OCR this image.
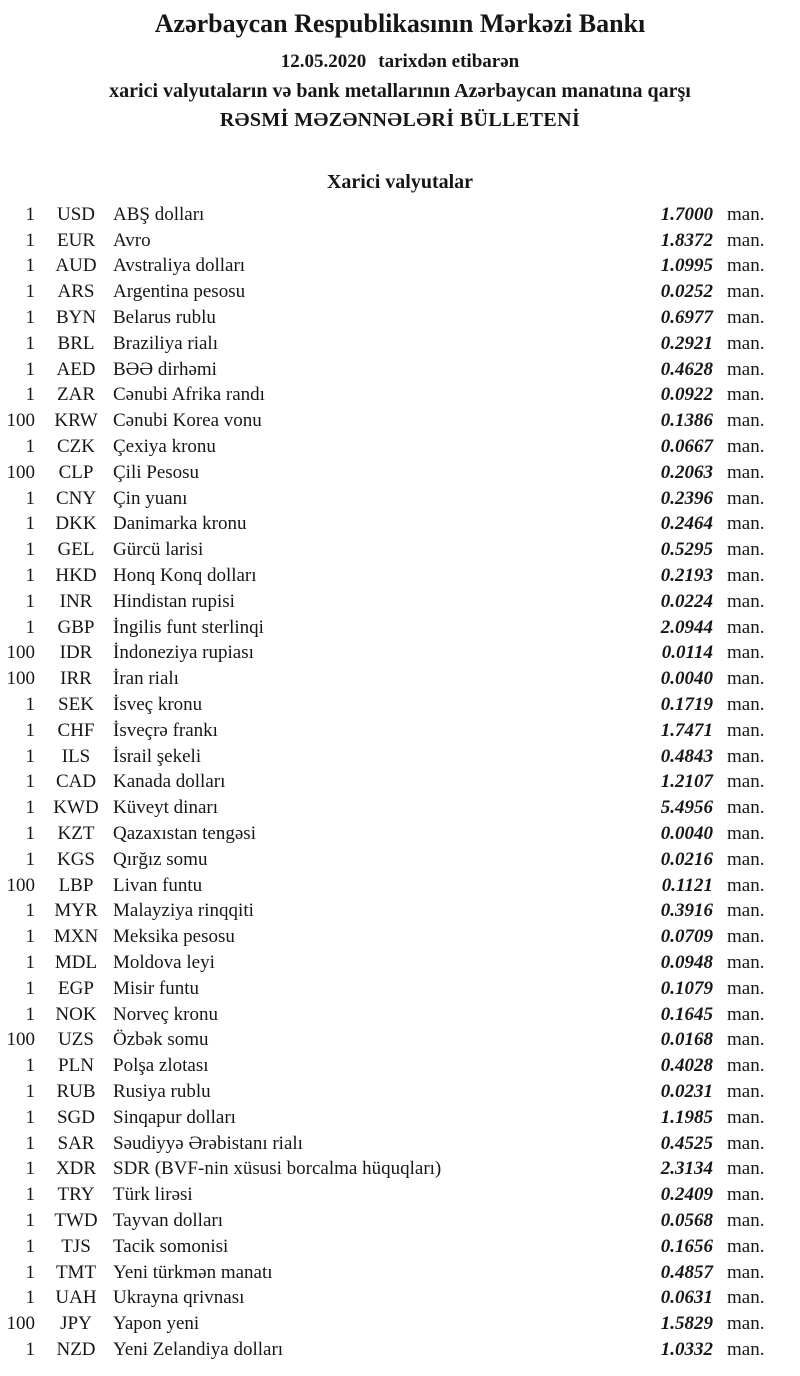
Azərbaycan Respublikasının Mərkəzi Bankı
12.05.2020 tarixdən etibarən
xarici valyutaların və bank metallarının Azərbaycan manatına qarşı
RƏSMİ MƏZƏNNƏLƏRİ BÜLLETENİ
Xarici valyutalar
1	USD ABŞ dolları	1.7000 man.
1	EUR Avro	1.8372 man.
1	AUD Avstraliya dolları	1.0995 man.
1	ARS Argentina pesosu	0.0252 man.
1	BYN Belarus rublu	0.6977 man.
1	BRL Braziliya rialı	0.2921 man.
1	AED BƏƏ dirhəmi	0.4628 man.
1	ZAR Cənubi Afrika randı	0.0922 man.
100	KRW Cənubi Korea vonu	0.1386 man.
1	CZK Çexiya kronu	0.0667 man.
100	CLP	Çili Pesosu	0.2063 man.
1	CNY Çin yuanı	0.2396 man.
1	DKK Danimarka kronu	0.2464 man.
1	GEL Gürcü larisi	0.5295 man.
1	HKD Honq Konq dolları	0.2193 man.
1	INR	Hindistan rupisi	0.0224 man.
1	GBP İngilis funt sterlinqi	2.0944 man.
100	IDR	İndoneziya rupiası	0.0114 man.
100	IRR	İran rialı	0.0040 man.
1	SEK	İsveç kronu	0.1719 man.
1	CHF İsveçrə frankı	1.7471 man.
1	ILS	İsrail şekeli	0.4843 man.
1	CAD Kanada dolları	1.2107 man.
1 KWD Küveyt dinarı	5.4956 man.
1	KZT Qazaxıstan tengəsi	0.0040 man.
1	KGS Qırğız somu	0.0216 man.
100	LBP	Livan funtu	0.1121 man.
1	MYR Malayziya rinqqiti	0.3916 man.
1 MXN Meksika pesosu	0.0709 man.
1	MDL Moldova leyi	0.0948 man.
1	EGP	Misir funtu	0.1079 man.
1	NOK Norveç kronu	0.1645 man.
100	UZS	Özbək somu	0.0168 man.
1	PLN	Polşa zlotası	0.4028 man.
1	RUB Rusiya rublu	0.0231 man.
1	SGD Sinqapur dolları	1.1985 man.
1	SAR Səudiyyə Ərəbistanı rialı	0.4525 man.
1	XDR SDR (BVF-nin xüsusi borcalma hüquqları)	2.3134 man.
1	TRY Türk lirəsi	0.2409 man.
1	TWD Tayvan dolları	0.0568 man.
1	TJS	Tacik somonisi	0.1656 man.
1	TMT Yeni türkmən manatı	0.4857 man.
1	UAH Ukrayna qrivnası	0.0631 man.
100	JPY	Yapon yeni	1.5829 man.
1	NZD Yeni Zelandiya dolları	1.0332 man.
